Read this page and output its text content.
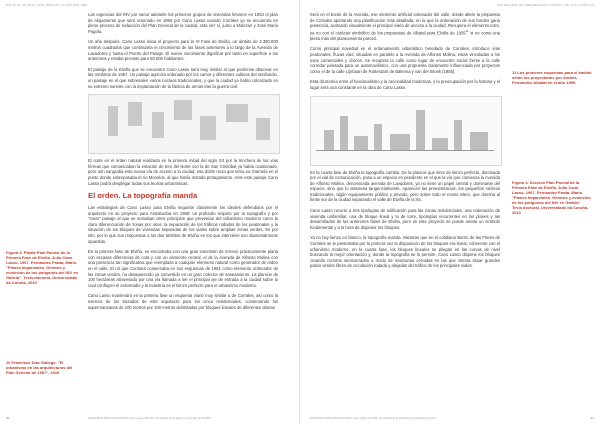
BAC Nº 19, Año 2018 | ISSN 1889-9781 | E-ISSN 2659-1998

Las urgencias del INV por sacar adelante los primeros grupos de viviendas llevaron en 1953 el plan de Alojamiento que será retomado en 1966 por Cano Lasso cuando Corrales ya se encuentra en pleno proceso de redacción del Plan General de la ciudad, esta vez sí, junto a Molezún y José María Pagola.

Un año después, Cano Lasso inicia el proyecto para la 4ª Fase de Elviña, un ámbito de 2.390.000 metros cuadrados que continuaría el crecimiento de las fases anteriores a lo largo de la Avenida de Lavadores y hasta el Puerto del Pasaje. El nuevo crecimiento dignificar por tanto en superficie a los anteriores y estaba previsto para 50.000 habitantes.

El paisaje de la Elviña que se encuentra Cano Lasso será muy similar al que podemos observar en las ortofotos de 1957. Un paisaje agrícola ordenado por los carros y diferentes cultivos del minifundio, un paisaje en el que sobresalen varios núcleos tradicionales, y que la ciudad ya había colonizado en su extremo sureste con la implantación de la fábrica de armas tras la guerra civil.

El corte en el orden natural realizado en la primera mitad del siglo XX por la trinchera de las vías férreas que comunicaban la estación de tren del Norte con la de San Cristóbal ya había ocasionado, pero aún sangraba esta nueva vía de acceso a la ciudad, esa doble recta que tenía su charnela en el punto donde sobrepasaba el río Monelos, al que había restado protagonismo. Ante este paisaje Cano Lasso podrá desplegar todas sus teorías urbanísticas.

El orden. La topografía manda

Las estrategias de Cano Lasso para Elviña seguirán claramente los ideales defendidos por el arquitecto en su proyecto para Astrabudúa en 1959: un profundo respeto por la topografía y por "crear" paisaje al que se sumaban otros principios que provenían del urbanismo moderno como la clara diferenciación de zonas por usos, la separación de los tráficos rodados de los peatonales y la situación de los bloques de viviendas separadas de los viales sobre amplias zonas verdes. Es por ello, por lo que sus respuestas a los dos ámbitos de Elviña en los que interviene son diametralmente opuestas.

En la primera fase de Elviña, se encontraba con una gran extensión de terreno prácticamente plana con escasas diferencias de cota y con un elemento central, el de la Avenida de Alfonso Molina con una presencia tan significativa que reemplaza a cualquier elemento natural como generador de orden en el valle. El rol que Corrales conservaba en sus esquemas de 1961 como elemento ordenador de las zonas verdes, ha desaparecido ya convertido en un gran colector de saneamiento. La planicie de 100 hectáreas atravesada por una vía llamada a ser el principal eje de entrada a la ciudad sobre la cual confluyen el extrarradio y la industria es el lienzo perfecto para el urbanismo moderno.

Cano Lasso mantendrá en la primera fase un esquema viario muy similar a de Corrales, así como la esencia de los trazados de este arquitecto para los cinco residenciales, conservando los supermanzanas de 100 metros por 100 metros delimitadas por bloques lineales de diferentes alturas

Figura 3. Planta Plan Parcial de la Primera Fase de Elviña. Julio Cano Lasso. 1967. Fernández Prada, Mario. "Planes Imparciales. Génesis y evolución de los polígonos del INV en Galicia". Tesis doctoral, Universidade da Coruña, 2010
10 Francisco Díaz Gallego. "El urbanismo en las arquitecturas del Plan General de 1967", 2019
FRANCISCO DÍAZ DIAZ ALONSO: Cano Lasso y El Pilar. Un análisis de su lugar en el Campo-de El 1955
60
DOS DÉCADAS DE URBANISMO EN A CORUÑA | Ndp LOS 13 AÑOS 05

Será en el borde de la Avenida, ese elemento artificial ordenador del valle, donde altere la propuesta de Corrales aportando una planificación más detallada, en la que la ordenación de sus bordes gana presencia, acotando visualmente el principal viario de acceso a la ciudad. Recupera el elemento torre, ya no con el carácter simbólico de los propuestas de Albatal para Elviña de 1959$^{11}$ si no como una pieza más del planeamiento parcial.

Como principal novedad en el ordenamiento urbanístico heredado de Corrales, introduce vías peatonales, fluvas vías, situadas en paralelo a la Avenida de Alfonso Molina, estas vinculadas a los usos comerciales y cívicos. Se recupera la calle como lugar de encuentro social frente a la calle corredor pensada para un automovilístico, con una propuesta claramente influenciada por proyectos como el de la calle Lijnbaan de Rotterdam de Bakema y van der Broek (1955).

Esta dicotomía entre el funcionalismo y la racionalidad modernas, y la preocupación por la historia y el lugar será una constante en la obra de Cano Lasso.

En la cuarta fase de Elviña la topografía cambia. De la planicie que sirve de lienzo perfecto, dominada por el vial de comunicación, pasa a un espacio en pendiente en el que la vía que comienza la Avenida de Alfonso Molina, denominada avenida de Lavadores, ya no tiene un papel central y dominante del espacio, sino que lo atraviesa tangencialmente. Aparecen las preexistencias, los pequeños núcleos tradicionales, algún equipamiento público y privado, pero sobre todo el monte Mero, que domina al límite sur de la ciudad separando el valle de Elviña de la ría.

Cano Lasso recurre a tres tipologías de edificación para las zonas residenciales, una ordenación de vivienda unifamiliar, una de bloque lineal y la de torre, tipologías recurrentes en los planes y las desarrollados de las anteriores fases de Elviña, pero en este proyecto se puede anotar un símbolo fundamental y a la hora de disponer los bloques.

Ya no hay lienzo en blanco, la topografía manda. Mientras que en el cotidiano Barrio de las Flores de Corrales se le presentaba por la primera vez la disposición de los bloques era lineal, coherente con el urbanismo moderno, en la cuarta fase, los bloques lineales se pliegan en las curvas de nivel buscando la mejor orientación y, donde la topografía se lo permite, Cano Lasso dispone los bloques creando recintos semicerrados a modo de manzanas cerradas en las que intenta situar grandes patios verdes libres de circulación rodada y alejadas del tráfico de los principales viales.

11 Los primeros esquemas para el ámbito serán los proyectados por Andrés Fernández-Albalat en el año 1959.
Figura 4. Sección Plan Parcial de la Primera Fase de Elviña. Julio Cano Lasso. 1967. Fernández Prada, Mario. "Planes Imparciales. Génesis y evolución de los polígonos del INV en Galicia". Tesis doctoral, Universidade da Coruña, 2010
FRANCISCO DÍAZ DIAZ GALLEGO: Cano Lasso y El Pilar. Un análisis de la ciudad entre municipal por 1970	61
